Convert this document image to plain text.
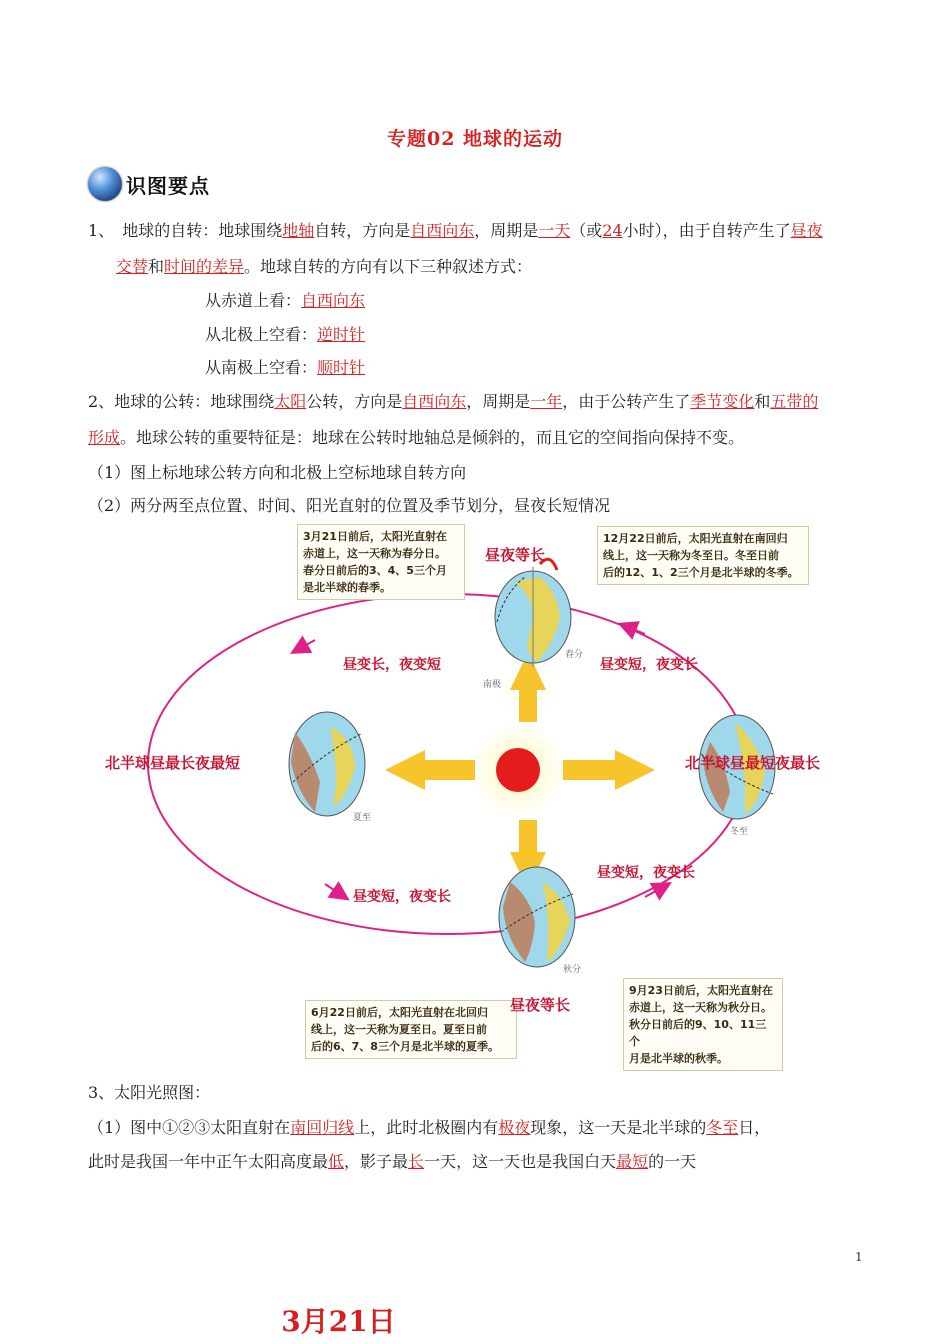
专题02 地球的运动
识图要点
1、 地球的自转：地球围绕地轴自转，方向是自西向东，周期是一天（或24小时），由于自转产生了昼夜
交替和时间的差异。地球自转的方向有以下三种叙述方式：
从赤道上看：自西向东
从北极上空看：逆时针
从南极上空看：顺时针
2、地球的公转：地球围绕太阳公转，方向是自西向东，周期是一年，由于公转产生了季节变化和五带的
形成。地球公转的重要特征是：地球在公转时地轴总是倾斜的，而且它的空间指向保持不变。
（1）图上标地球公转方向和北极上空标地球自转方向
（2）两分两至点位置、时间、阳光直射的位置及季节划分，昼夜长短情况
3月21日前后，太阳光直射在
赤道上，这一天称为春分日。
春分日前后的3、4、5三个月
是北半球的春季。
12月22日前后，太阳光直射在南回归
线上，这一天称为冬至日。冬至日前
后的12、1、2三个月是北半球的冬季。
6月22日前后，太阳光直射在北回归
线上，这一天称为夏至日。夏至日前
后的6、7、8三个月是北半球的夏季。
9月23日前后，太阳光直射在
赤道上，这一天称为秋分日。
秋分日前后的9、10、11三个
月是北半球的秋季。
昼夜等长
昼夜等长
北半球昼最长夜最短	北半球昼最短夜最长
昼变长，夜变短	昼变短，夜变长
昼变短，夜变长
昼变短，夜变长
春分
夏至
冬至
秋分
南极
3、太阳光照图：
（1）图中①②③太阳直射在南回归线上，此时北极圈内有极夜现象，这一天是北半球的冬至日，
此时是我国一年中正午太阳高度最低，影子最长一天，这一天也是我国白天最短的一天
1
3月21日
